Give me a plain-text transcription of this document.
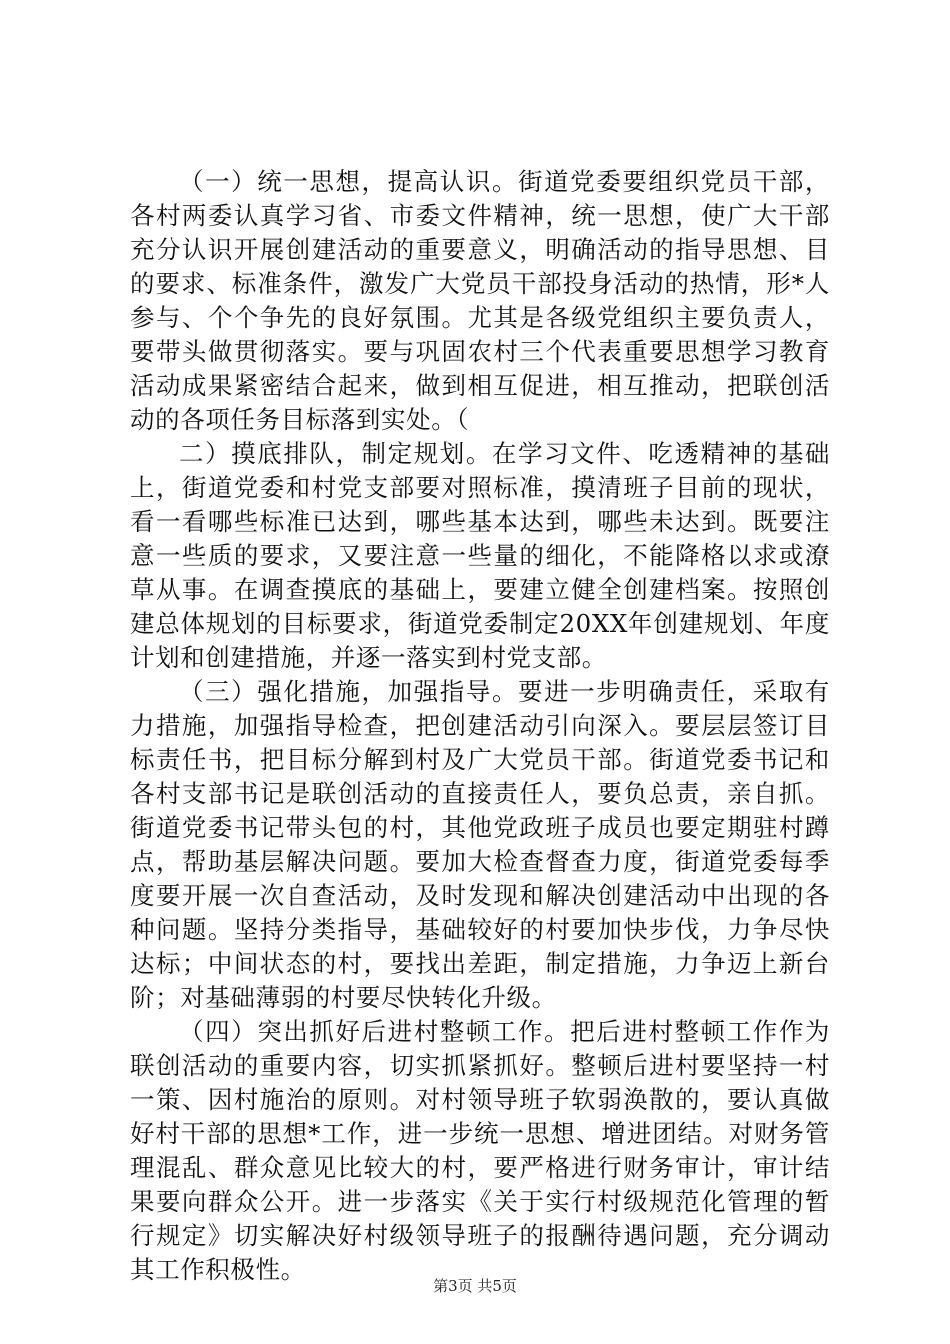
（一）统一思想，提高认识。街道党委要组织党员干部，各村两委认真学习省、市委文件精神，统一思想，使广大干部充分认识开展创建活动的重要意义，明确活动的指导思想、目的要求、标准条件，激发广大党员干部投身活动的热情，形*人参与、个个争先的良好氛围。尤其是各级党组织主要负责人，要带头做贯彻落实。要与巩固农村三个代表重要思想学习教育活动成果紧密结合起来，做到相互促进，相互推动，把联创活动的各项任务目标落到实处。（

二）摸底排队，制定规划。在学习文件、吃透精神的基础上，街道党委和村党支部要对照标准，摸清班子目前的现状，看一看哪些标准已达到，哪些基本达到，哪些未达到。既要注意一些质的要求，又要注意一些量的细化，不能降格以求或潦草从事。在调查摸底的基础上，要建立健全创建档案。按照创建总体规划的目标要求，街道党委制定20XX年创建规划、年度计划和创建措施，并逐一落实到村党支部。

（三）强化措施，加强指导。要进一步明确责任，采取有力措施，加强指导检查，把创建活动引向深入。要层层签订目标责任书，把目标分解到村及广大党员干部。街道党委书记和各村支部书记是联创活动的直接责任人，要负总责，亲自抓。街道党委书记带头包的村，其他党政班子成员也要定期驻村蹲点，帮助基层解决问题。要加大检查督查力度，街道党委每季度要开展一次自查活动，及时发现和解决创建活动中出现的各种问题。坚持分类指导，基础较好的村要加快步伐，力争尽快达标；中间状态的村，要找出差距，制定措施，力争迈上新台阶；对基础薄弱的村要尽快转化升级。

（四）突出抓好后进村整顿工作。把后进村整顿工作作为联创活动的重要内容，切实抓紧抓好。整顿后进村要坚持一村一策、因村施治的原则。对村领导班子软弱涣散的，要认真做好村干部的思想*工作，进一步统一思想、增进团结。对财务管理混乱、群众意见比较大的村，要严格进行财务审计，审计结果要向群众公开。进一步落实《关于实行村级规范化管理的暂行规定》切实解决好村级领导班子的报酬待遇问题，充分调动其工作积极性。

第3页 共5页
